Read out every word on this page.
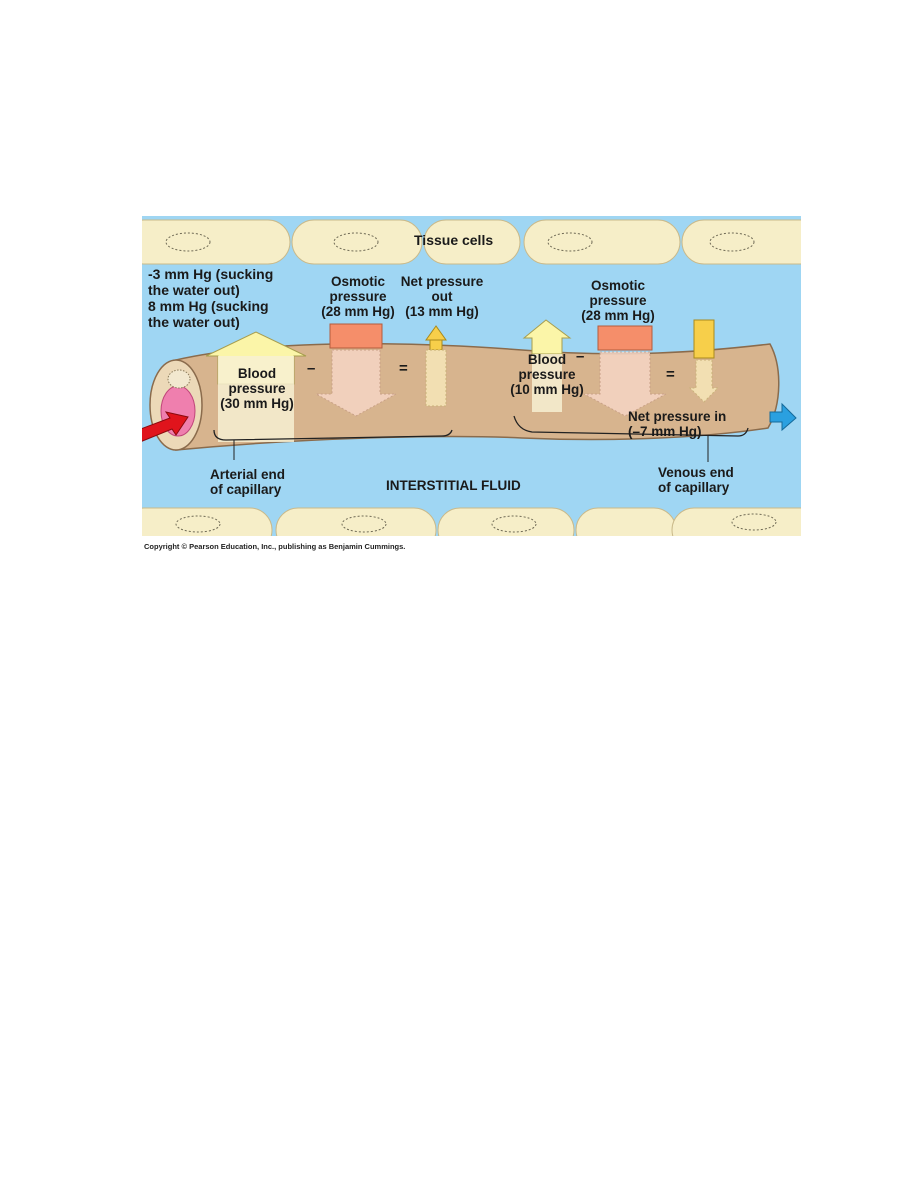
Tissue cells
-3 mm Hg (sucking
the water out)
8 mm Hg (sucking
the water out)
Osmotic
pressure
(28 mm Hg)
Net pressure
out
(13 mm Hg)
Blood
pressure
(30 mm Hg)
–	=
Osmotic
pressure
(28 mm Hg)
Blood
pressure
(10 mm Hg)
–
=
Net pressure in
(–7 mm Hg)
Arterial end
of capillary
Venous end
of capillary
INTERSTITIAL FLUID
Copyright © Pearson Education, Inc., publishing as Benjamin Cummings.
